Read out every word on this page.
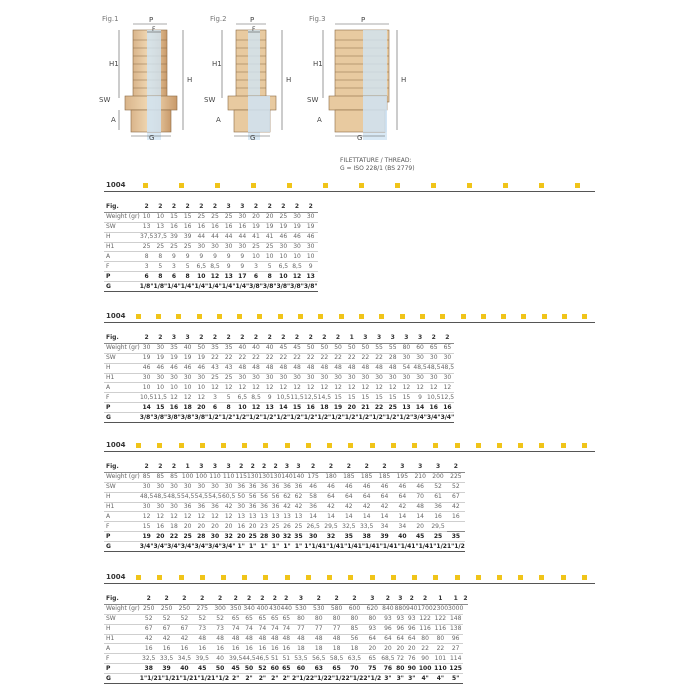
Fig.1	Fig.2	Fig.3
P
F
H1
H
SW
A
G
P
F
H1
H
SW
A
G
P
H1
H
SW
A
G
FILETTATURE / THREAD:
G = ISO 228/1 (BS 2779)
1004
Fig.	2	2	2	2	2	2	3	3	2	2	2	2	2
Weight (gr)	10	10	15	15	25	25	25	30	20	20	25	30	30
SW	13	13	16	16	16	16	16	16	19	19	19	19	19
H	37,5	37,5	39	39	44	44	44	44	41	41	46	46	46
H1	25	25	25	25	30	30	30	30	25	25	30	30	30
A	8	8	9	9	9	9	9	9	10	10	10	10	10
F	3	5	3	5	6,5	8,5	9	9	3	5	6,5	8,5	9
P	6	8	6	8	10	12	13	17	6	8	10	12	13
G	1/8"	1/8"	1/4"	1/4"	1/4"	1/4"	1/4"	1/4"	3/8"	3/8"	3/8"	3/8"	3/8"
1004
Fig.	2	2	3	3	2	2	2	2	2	2	2	2	2	2	2	1	3	3	3	3	3	2	2
Weight (gr)	30	30	35	40	50	35	35	40	40	40	45	45	50	50	50	50	50	55	55	80	60	65	65
SW	19	19	19	19	19	22	22	22	22	22	22	22	22	22	22	22	22	22	28	30	30	30	30
H	46	46	46	46	46	43	43	48	48	48	48	48	48	48	48	48	48	48	48	54	48,5	48,5	48,5
H1	30	30	30	30	30	25	25	30	30	30	30	30	30	30	30	30	30	30	30	30	30	30	30
A	10	10	10	10	10	12	12	12	12	12	12	12	12	12	12	12	12	12	12	12	12	12	12
F	10,5	11,5	12	12	12	3	5	6,5	8,5	9	10,5	11,5	12,5	14,5	15	15	15	15	15	15	9	10,5	12,5
P	14	15	16	18	20	6	8	10	12	13	14	15	16	18	19	20	21	22	25	13	14	16	16
G	3/8"	3/8"	3/8"	3/8"	3/8"	1/2"	1/2"	1/2"	1/2"	1/2"	1/2"	1/2"	1/2"	1/2"	1/2"	1/2"	1/2"	1/2"	1/2"	1/2"	3/4"	3/4"	3/4"
1004
Fig.	2	2	2	1	3	3	3	2	2	2	2	3	3	2	2	2	2	2	3	3	3	2
Weight (gr)	85	85	85	100	100	110	110	115	130	130	130	140	140	175	180	185	185	185	195	210	200	225
SW	30	30	30	30	30	30	30	36	36	36	36	36	36	46	46	46	46	46	46	46	52	52
H	48,5	48,5	48,5	54,5	54,5	54,5	60,5	50	56	56	56	62	62	58	64	64	64	64	64	70	61	67
H1	30	30	30	36	36	36	42	30	36	36	36	42	42	36	42	42	42	42	42	48	36	42
A	12	12	12	12	12	12	12	13	13	13	13	13	13	14	14	14	14	14	14	14	16	16
F	15	16	18	20	20	20	20	16	20	23	25	26	25	26,5	29,5	32,5	33,5	34	34	20	29,5	
P	19	20	22	25	28	30	32	20	25	28	30	32	35	30	32	35	38	39	40	45	25	35
G	3/4"	3/4"	3/4"	3/4"	3/4"	3/4"	3/4"	1"	1"	1"	1"	1"	1"	1"1/4	1"1/4	1"1/4	1"1/4	1"1/4	1"1/4	1"1/4	1"1/2	1"1/2
1004
Fig.	2	2	2	2	2	2	2	2	2	2	3	2	2	2	3	2	3	2	2	1	1	2
Weight (gr)	250	250	250	275	300	350	340	400	430	440	530	530	580	600	620	840	880	940	1700	2300	3000	
SW	52	52	52	52	52	65	65	65	65	65	80	80	80	80	80	93	93	93	122	122	148	
H	67	67	67	73	73	74	74	74	74	74	77	77	77	85	93	96	96	96	116	116	138	
H1	42	42	42	48	48	48	48	48	48	48	48	48	48	56	64	64	64	64	80	80	96	
A	16	16	16	16	16	16	16	16	16	16	18	18	18	18	20	20	20	20	22	22	27	
F	32,5	33,5	34,5	39,5	40	39,5	44,5	46,5	51	51	53,5	56,5	58,5	63,5	65	68,5	72	76	90	101	114	
P	38	39	40	45	50	45	50	52	60	65	60	63	65	70	75	76	80	90	100	110	125	
G	1"1/2	1"1/2	1"1/2	1"1/2	1"1/2	2"	2"	2"	2"	2"	2"1/2	2"1/2	2"1/2	2"1/2	2"1/2	3"	3"	3"	4"	4"	5"	
